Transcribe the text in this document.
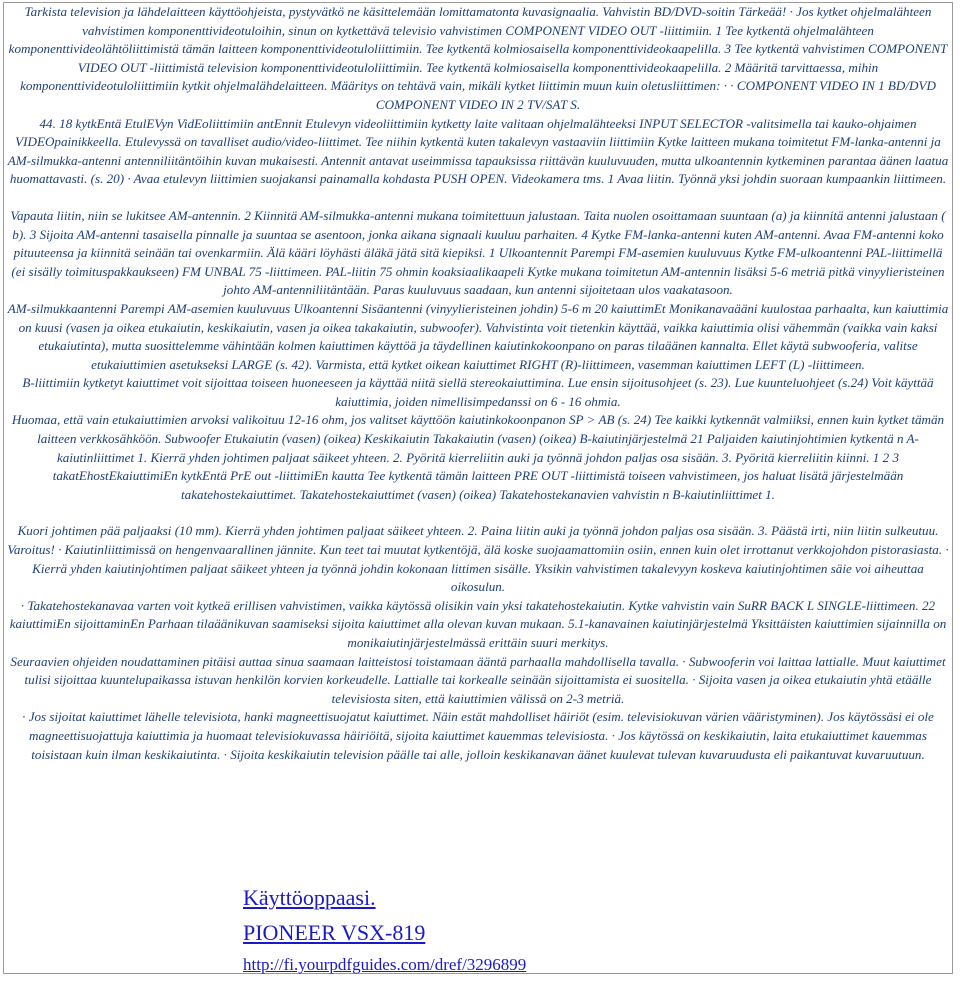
Tarkista television ja lähdelaitteen käyttöohjeista, pystyvätkö ne käsittelemään lomittamatonta kuvasignaalia. Vahvistin BD/DVD-soitin Tärkeää! · Jos kytket ohjelmalähteen vahvistimen komponenttivideotuloihin, sinun on kytkettävä televisio vahvistimen COMPONENT VIDEO OUT -liittimiin. 1 Tee kytkentä ohjelmalähteen komponenttivideolähtöliittimistä tämän laitteen komponenttivideotuloliittimiin. Tee kytkentä kolmiosaisella komponenttivideokaapelilla. 3 Tee kytkentä vahvistimen COMPONENT VIDEO OUT -liittimistä television komponenttivideotuloliittimiin. Tee kytkentä kolmiosaisella komponenttivideokaapelilla. 2 Määritä tarvittaessa, mihin komponenttivideotuloliittimiin kytkit ohjelmalähdelaitteen. Määritys on tehtävä vain, mikäli kytket liittimin muun kuin oletusliittimen: · · COMPONENT VIDEO IN 1 BD/DVD COMPONENT VIDEO IN 2 TV/SAT S.

44. 18 kytkEntä EtulEVyn VidEoliittimiin antEnnit Etulevyn videoliittimiin kytketty laite valitaan ohjelmalähteeksi INPUT SELECTOR -valitsimella tai kauko-ohjaimen VIDEOpainikkeella. Etulevyssä on tavalliset audio/video-liittimet. Tee niihin kytkentä kuten takalevyn vastaaviin liittimiin Kytke laitteen mukana toimitetut FM-lanka-antenni ja AM-silmukka-antenni antenniliitäntöihin kuvan mukaisesti. Antennit antavat useimmissa tapauksissa riittävän kuuluvuuden, mutta ulkoantennin kytkeminen parantaa äänen laatua huomattavasti. (s. 20) · Avaa etulevyn liittimien suojakansi painamalla kohdasta PUSH OPEN. Videokamera tms. 1 Avaa liitin. Työnnä yksi johdin suoraan kumpaankin liittimeen.

Vapauta liitin, niin se lukitsee AM-antennin. 2 Kiinnitä AM-silmukka-antenni mukana toimitettuun jalustaan. Taita nuolen osoittamaan suuntaan (a) ja kiinnitä antenni jalustaan ( b). 3 Sijoita AM-antenni tasaisella pinnalle ja suuntaa se asentoon, jonka aikana signaali kuuluu parhaiten. 4 Kytke FM-lanka-antenni kuten AM-antenni. Avaa FM-antenni koko pituuteensa ja kiinnitä seinään tai ovenkarmiin. Älä kääri löyhästi äläkä jätä sitä kiepiksi. 1 Ulkoantennit Parempi FM-asemien kuuluvuus Kytke FM-ulkoantenni PAL-liittimellä (ei sisälly toimituspakkaukseen) FM UNBAL 75 -liittimeen. PAL-liitin 75 ohmin koaksiaalikaapeli Kytke mukana toimitetun AM-antennin lisäksi 5-6 metriä pitkä vinyylieristeinen johto AM-antenniliitäntään. Paras kuuluvuus saadaan, kun antenni sijoitetaan ulos vaakatasoon.

AM-silmukkaantenni Parempi AM-asemien kuuluvuus Ulkoantenni Sisäantenni (vinyylieristeinen johdin) 5-6 m 20 kaiuttimEt Monikanavaääni kuulostaa parhaalta, kun kaiuttimia on kuusi (vasen ja oikea etukaiutin, keskikaiutin, vasen ja oikea takakaiutin, subwoofer). Vahvistinta voit tietenkin käyttää, vaikka kaiuttimia olisi vähemmän (vaikka vain kaksi etukaiutinta), mutta suosittelemme vähintään kolmen kaiuttimen käyttöä ja täydellinen kaiutinkokoonpano on paras tilaäänen kannalta. Ellet käytä subwooferia, valitse etukaiuttimien asetukseksi LARGE (s. 42). Varmista, että kytket oikean kaiuttimet RIGHT (R)-liittimeen, vasemman kaiuttimen LEFT (L) -liittimeen.

B-liittimiin kytketyt kaiuttimet voit sijoittaa toiseen huoneeseen ja käyttää niitä siellä stereokaiuttimina. Lue ensin sijoitusohjeet (s. 23). Lue kuunteluohjeet (s.24) Voit käyttää kaiuttimia, joiden nimellisimpedanssi on 6 - 16 ohmia.

Huomaa, että vain etukaiuttimien arvoksi valikoituu 12-16 ohm, jos valitset käyttöön kaiutinkokoonpanon SP > AB (s. 24) Tee kaikki kytkennät valmiiksi, ennen kuin kytket tämän laitteen verkkosähköön. Subwoofer Etukaiutin (vasen) (oikea) Keskikaiutin Takakaiutin (vasen) (oikea) B-kaiutinjärjestelmä 21 Paljaiden kaiutinjohtimien kytkentä n A-kaiutinliittimet 1. Kierrä yhden johtimen paljaat säikeet yhteen. 2. Pyöritä kierreliitin auki ja työnnä johdon paljas osa sisään. 3. Pyöritä kierreliitin kiinni. 1 2 3 takatEhostEkaiuttimiEn kytkEntä PrE out -liittimiEn kautta Tee kytkentä tämän laitteen PRE OUT -liittimistä toiseen vahvistimeen, jos haluat lisätä järjestelmään takatehostekaiuttimet. Takatehostekaiuttimet (vasen) (oikea) Takatehostekanavien vahvistin n B-kaiutinliittimet 1.

Kuori johtimen pää paljaaksi (10 mm). Kierrä yhden johtimen paljaat säikeet yhteen. 2. Paina liitin auki ja työnnä johdon paljas osa sisään. 3. Päästä irti, niin liitin sulkeutuu. Varoitus! · Kaiutinliittimissä on hengenvaarallinen jännite. Kun teet tai muutat kytkentöjä, älä koske suojaamattomiin osiin, ennen kuin olet irrottanut verkkojohdon pistorasiasta. · Kierrä yhden kaiutinjohtimen paljaat säikeet yhteen ja työnnä johdin kokonaan littimen sisälle. Yksikin vahvistimen takalevyyn koskeva kaiutinjohtimen säie voi aiheuttaa oikosulun.

· Takatehostekanavaa varten voit kytkeä erillisen vahvistimen, vaikka käytössä olisikin vain yksi takatehostekaiutin. Kytke vahvistin vain SuRR BACK L SINGLE-liittimeen. 22 kaiuttimiEn sijoittaminEn Parhaan tilaäänikuvan saamiseksi sijoita kaiuttimet alla olevan kuvan mukaan. 5.1-kanavainen kaiutinjärjestelmä Yksittäisten kaiuttimien sijainnilla on monikaiutinjärjestelmässä erittäin suuri merkitys.

Seuraavien ohjeiden noudattaminen pitäisi auttaa sinua saamaan laitteistosi toistamaan ääntä parhaalla mahdollisella tavalla. · Subwooferin voi laittaa lattialle. Muut kaiuttimet tulisi sijoittaa kuuntelupaikassa istuvan henkilön korvien korkeudelle. Lattialle tai korkealle seinään sijoittamista ei suositella. · Sijoita vasen ja oikea etukaiutin yhtä etäälle televisiosta siten, että kaiuttimien välissä on 2-3 metriä.

· Jos sijoitat kaiuttimet lähelle televisiota, hanki magneettisuojatut kaiuttimet. Näin estät mahdolliset häiriöt (esim. televisiokuvan värien vääristyminen). Jos käytössäsi ei ole magneettisuojattuja kaiuttimia ja huomaat televisiokuvassa häiriöitä, sijoita kaiuttimet kauemmas televisiosta. · Jos käytössä on keskikaiutin, laita etukaiuttimet kauemmas toisistaan kuin ilman keskikaiutinta. · Sijoita keskikaiutin television päälle tai alle, jolloin keskikanavan äänet kuulevat tulevan kuvaruudusta eli paikantuvat kuvaruutuun.

Käyttöoppaasi.
PIONEER VSX-819
http://fi.yourpdfguides.com/dref/3296899
